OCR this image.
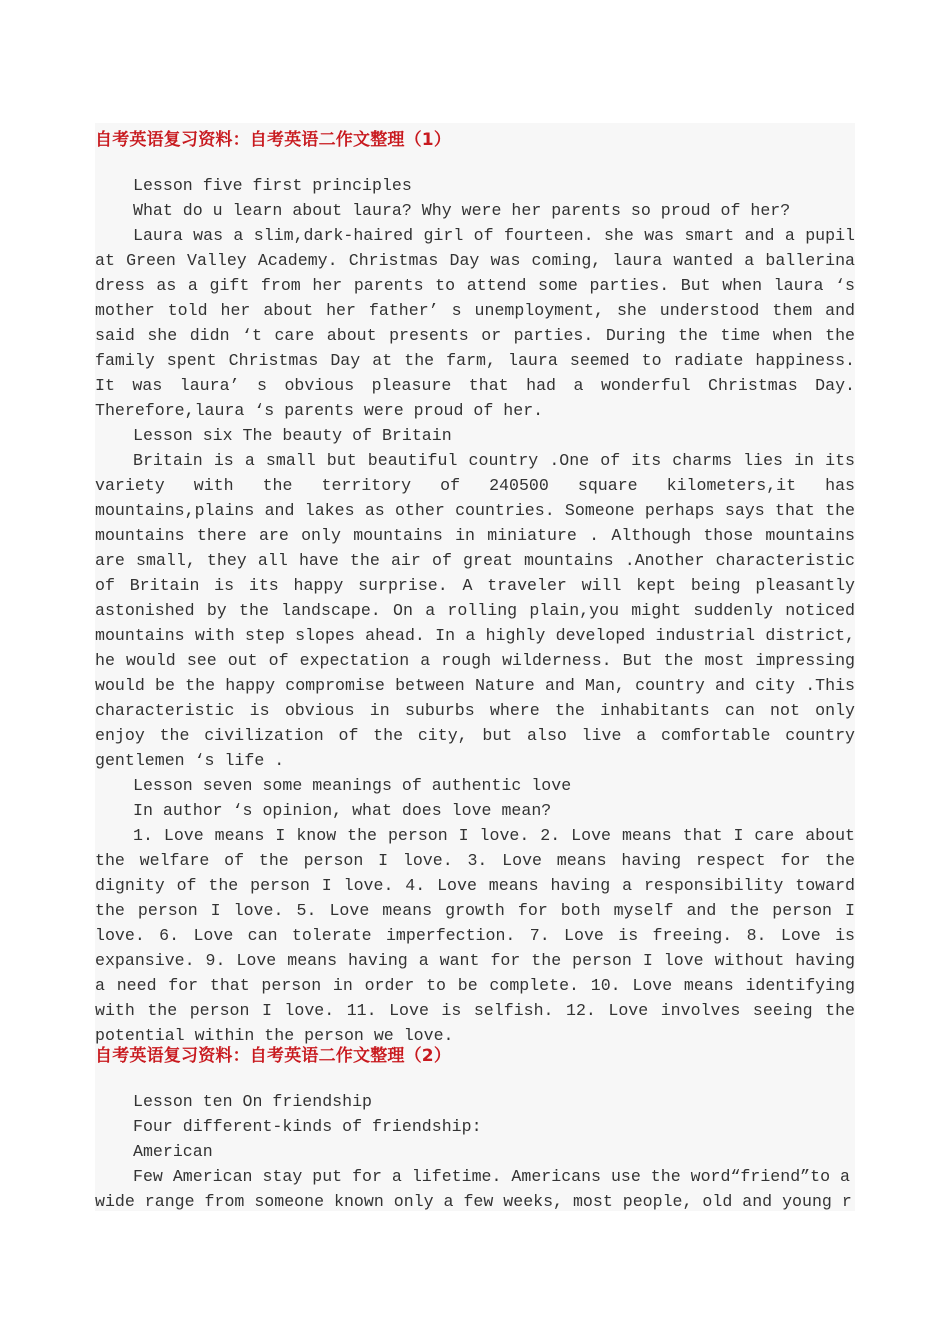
自考英语复习资料：自考英语二作文整理（1）

Lesson five first principles

What do u learn about laura? Why were her parents so proud of her?

Laura was a slim,dark-haired girl of fourteen. she was smart and a pupil at Green Valley Academy. Christmas Day was coming, laura wanted a ballerina dress as a gift from her parents to attend some parties. But when laura ‘s mother told her about her father’ s unemployment, she understood them and said she didn ‘t care about presents or parties. During the time when the family spent Christmas Day at the farm, laura seemed to radiate happiness. It was laura’ s obvious pleasure that had a wonderful Christmas Day. Therefore,laura ‘s parents were proud of her.

Lesson six The beauty of Britain

Britain is a small but beautiful country .One of its charms lies in its variety with the territory of 240500 square kilometers,it has mountains,plains and lakes as other countries. Someone perhaps says that the mountains there are only mountains in miniature . Although those mountains are small, they all have the air of great mountains .Another characteristic of Britain is its happy surprise. A traveler will kept being pleasantly astonished by the landscape. On a rolling plain,you might suddenly noticed mountains with step slopes ahead. In a highly developed industrial district, he would see out of expectation a rough wilderness. But the most impressing would be the happy compromise between Nature and Man, country and city .This characteristic is obvious in suburbs where the inhabitants can not only enjoy the civilization of the city, but also live a comfortable country gentlemen ‘s life .

Lesson seven some meanings of authentic love

In author ‘s opinion, what does love mean?

1. Love means I know the person I love. 2. Love means that I care about the welfare of the person I love. 3. Love means having respect for the dignity of the person I love. 4. Love means having a responsibility toward the person I love. 5. Love means growth for both myself and the person I love. 6. Love can tolerate imperfection. 7. Love is freeing. 8. Love is expansive. 9. Love means having a want for the person I love without having a need for that person in order to be complete. 10. Love means identifying with the person I love. 11. Love is selfish. 12. Love involves seeing the potential within the person we love.

自考英语复习资料：自考英语二作文整理（2）

Lesson ten On friendship

Four different-kinds of friendship:

American

Few American stay put for a lifetime. Americans use the word“friend”to a

wide range from someone known only a few weeks, most people, old and young r
